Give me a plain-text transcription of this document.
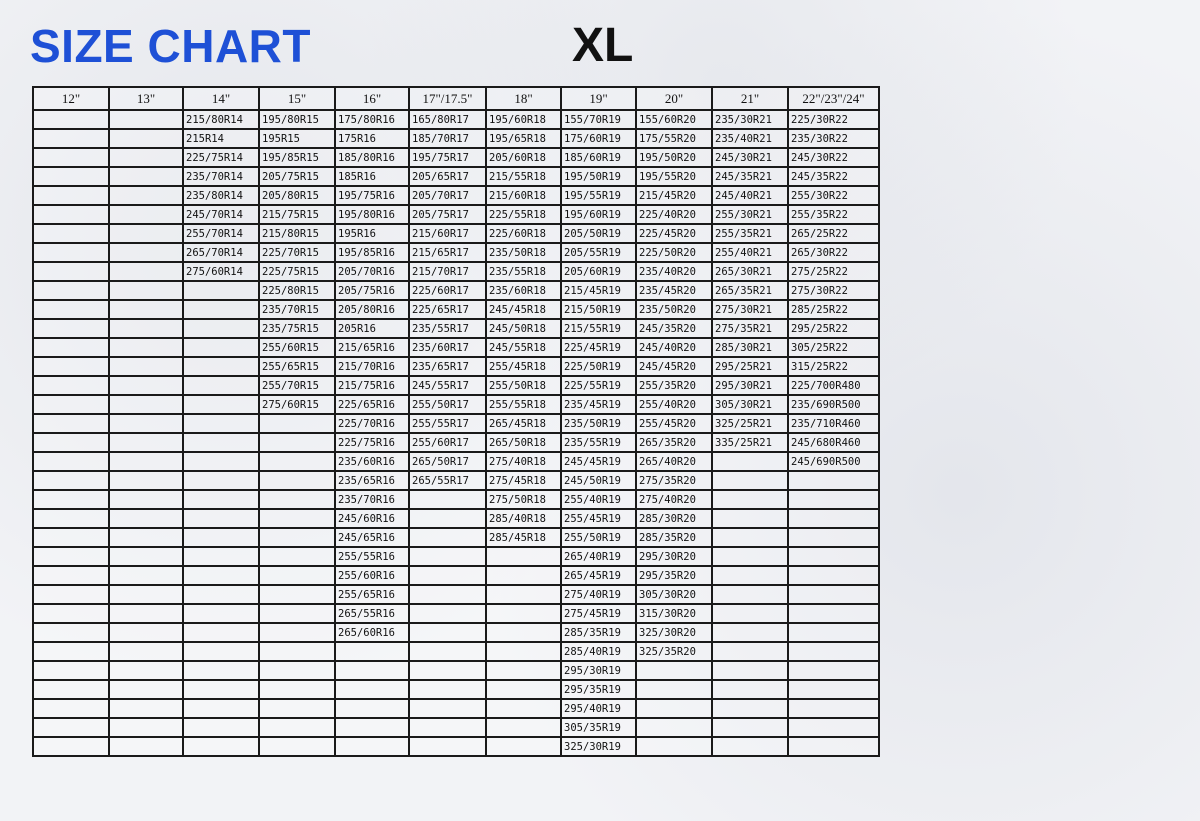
SIZE CHART	XL
12"	13"	14"	15"	16"	17"/17.5"	18"	19"	20"	21"	22"/23"/24"
		215/80R14	195/80R15	175/80R16	165/80R17	195/60R18	155/70R19	155/60R20	235/30R21	225/30R22
		215R14	195R15	175R16	185/70R17	195/65R18	175/60R19	175/55R20	235/40R21	235/30R22
		225/75R14	195/85R15	185/80R16	195/75R17	205/60R18	185/60R19	195/50R20	245/30R21	245/30R22
		235/70R14	205/75R15	185R16	205/65R17	215/55R18	195/50R19	195/55R20	245/35R21	245/35R22
		235/80R14	205/80R15	195/75R16	205/70R17	215/60R18	195/55R19	215/45R20	245/40R21	255/30R22
		245/70R14	215/75R15	195/80R16	205/75R17	225/55R18	195/60R19	225/40R20	255/30R21	255/35R22
		255/70R14	215/80R15	195R16	215/60R17	225/60R18	205/50R19	225/45R20	255/35R21	265/25R22
		265/70R14	225/70R15	195/85R16	215/65R17	235/50R18	205/55R19	225/50R20	255/40R21	265/30R22
		275/60R14	225/75R15	205/70R16	215/70R17	235/55R18	205/60R19	235/40R20	265/30R21	275/25R22
			225/80R15	205/75R16	225/60R17	235/60R18	215/45R19	235/45R20	265/35R21	275/30R22
			235/70R15	205/80R16	225/65R17	245/45R18	215/50R19	235/50R20	275/30R21	285/25R22
			235/75R15	205R16	235/55R17	245/50R18	215/55R19	245/35R20	275/35R21	295/25R22
			255/60R15	215/65R16	235/60R17	245/55R18	225/45R19	245/40R20	285/30R21	305/25R22
			255/65R15	215/70R16	235/65R17	255/45R18	225/50R19	245/45R20	295/25R21	315/25R22
			255/70R15	215/75R16	245/55R17	255/50R18	225/55R19	255/35R20	295/30R21	225/700R480
			275/60R15	225/65R16	255/50R17	255/55R18	235/45R19	255/40R20	305/30R21	235/690R500
				225/70R16	255/55R17	265/45R18	235/50R19	255/45R20	325/25R21	235/710R460
				225/75R16	255/60R17	265/50R18	235/55R19	265/35R20	335/25R21	245/680R460
				235/60R16	265/50R17	275/40R18	245/45R19	265/40R20		245/690R500
				235/65R16	265/55R17	275/45R18	245/50R19	275/35R20		
				235/70R16		275/50R18	255/40R19	275/40R20		
				245/60R16		285/40R18	255/45R19	285/30R20		
				245/65R16		285/45R18	255/50R19	285/35R20		
				255/55R16			265/40R19	295/30R20		
				255/60R16			265/45R19	295/35R20		
				255/65R16			275/40R19	305/30R20		
				265/55R16			275/45R19	315/30R20		
				265/60R16			285/35R19	325/30R20		
							285/40R19	325/35R20		
							295/30R19			
							295/35R19			
							295/40R19			
							305/35R19			
							325/30R19			
